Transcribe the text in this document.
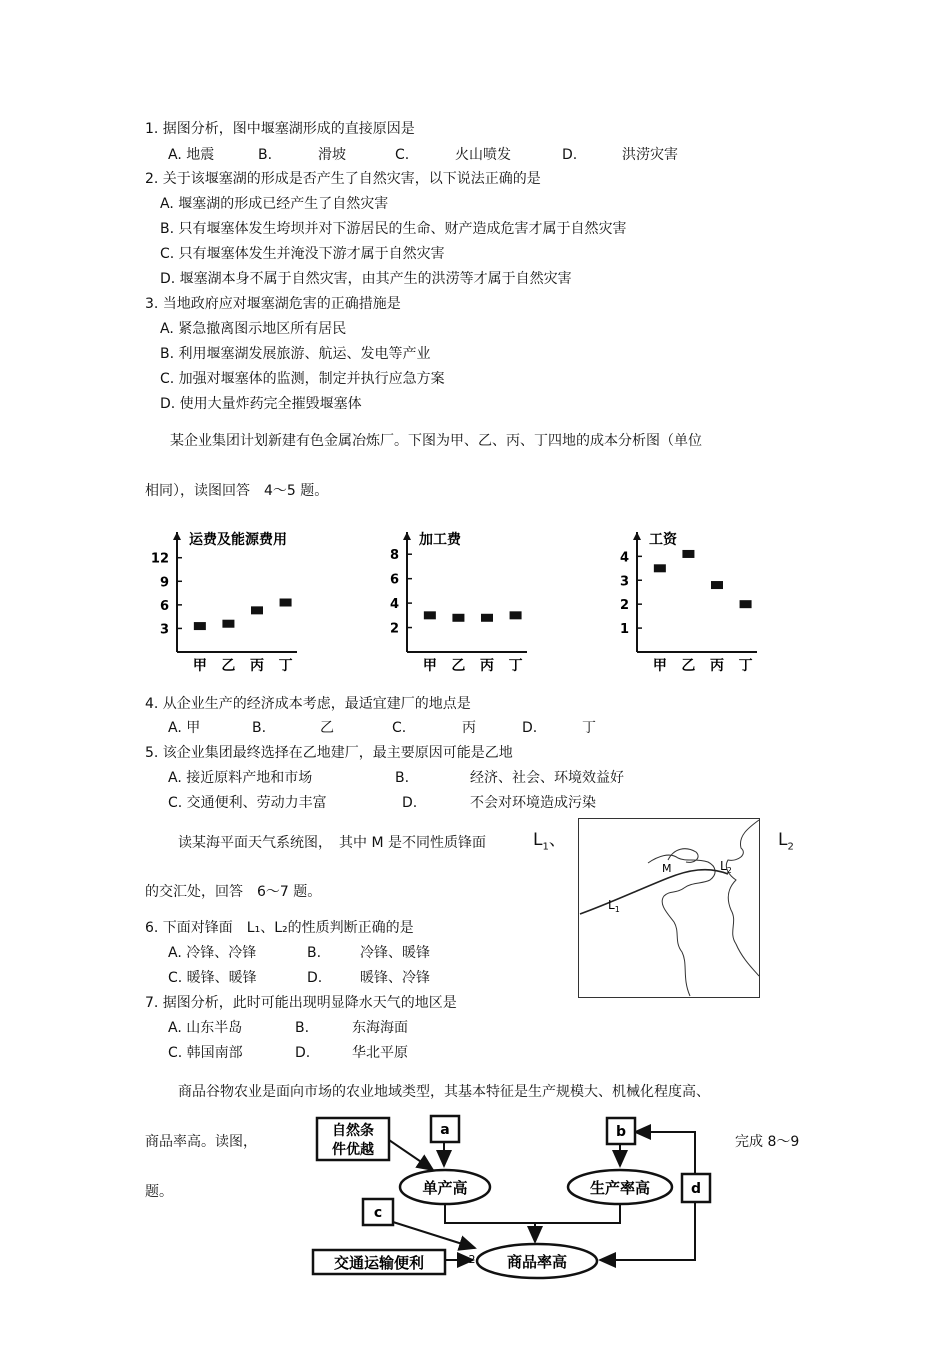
1. 据图分析，图中堰塞湖形成的直接原因是
A. 地震	B.	滑坡	C.	火山喷发	D.	洪涝灾害
2. 关于该堰塞湖的形成是否产生了自然灾害，以下说法正确的是
A. 堰塞湖的形成已经产生了自然灾害
B. 只有堰塞体发生垮坝并对下游居民的生命、财产造成危害才属于自然灾害
C. 只有堰塞体发生并淹没下游才属于自然灾害
D. 堰塞湖本身不属于自然灾害，由其产生的洪涝等才属于自然灾害
3. 当地政府应对堰塞湖危害的正确措施是
A. 紧急撤离图示地区所有居民
B. 利用堰塞湖发展旅游、航运、发电等产业
C. 加强对堰塞体的监测，制定并执行应急方案
D. 使用大量炸药完全摧毁堰塞体
某企业集团计划新建有色金属冶炼厂。下图为甲、乙、丙、丁四地的成本分析图（单位
相同），读图回答　4～5 题。
运费及能源费用
3
6
9
12
甲 乙 丙 丁
加工费
2
4
6
8
甲 乙 丙 丁
工资
1
2
3
4
甲 乙 丙 丁
4. 从企业生产的经济成本考虑，最适宜建厂的地点是
A. 甲	B.	乙	C.	丙	D.	丁
5. 该企业集团最终选择在乙地建厂，最主要原因可能是乙地
A. 接近原料产地和市场	B.	经济、社会、环境效益好
C. 交通便利、劳动力丰富	D.	不会对环境造成污染
读某海平面天气系统图，　其中 M 是不同性质锋面	$L_1$、	$L_2$
的交汇处，回答　6～7 题。
$L_1$
M	$L_2$
6. 下面对锋面　L₁、L₂的性质判断正确的是
A. 冷锋、冷锋	B.	冷锋、暖锋
C. 暖锋、暖锋	D.	暖锋、冷锋
7. 据图分析，此时可能出现明显降水天气的地区是
A. 山东半岛	B.	东海海面
C. 韩国南部	D.	华北平原
商品谷物农业是面向市场的农业地域类型，其基本特征是生产规模大、机械化程度高、
商品率高。读图，	完成 8～9
题。
自然条
件优越
a	b
d
单产高	生产率高
c
交通运输便利	商品率高
2
